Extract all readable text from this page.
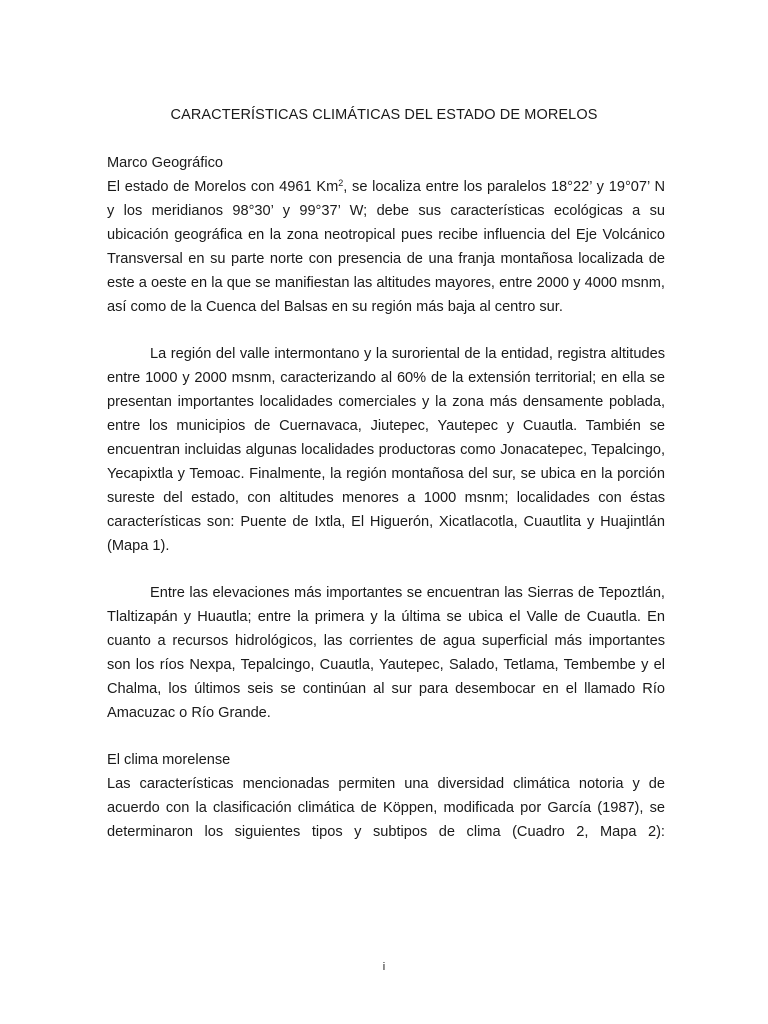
CARACTERÍSTICAS CLIMÁTICAS DEL ESTADO DE MORELOS
Marco Geográfico

El estado de Morelos con 4961 Km$^2$, se localiza entre los paralelos 18°22’ y 19°07’ N y los meridianos 98°30’ y 99°37’ W; debe sus características ecológicas a su ubicación geográfica en la zona neotropical pues recibe influencia del Eje Volcánico Transversal en su parte norte con presencia de una franja montañosa localizada de este a oeste en la que se manifiestan las altitudes mayores, entre 2000 y 4000 msnm, así como de la Cuenca del Balsas en su región más baja al centro sur.

La región del valle intermontano y la suroriental de la entidad, registra altitudes entre 1000 y 2000 msnm, caracterizando al 60% de la extensión territorial; en ella se presentan importantes localidades comerciales y la zona más densamente poblada, entre los municipios de Cuernavaca, Jiutepec, Yautepec y Cuautla. También se encuentran incluidas algunas localidades productoras como Jonacatepec, Tepalcingo, Yecapixtla y Temoac. Finalmente, la región montañosa del sur, se ubica en la porción sureste del estado, con altitudes menores a 1000 msnm; localidades con éstas características son: Puente de Ixtla, El Higuerón, Xicatlacotla, Cuautlita y Huajintlán (Mapa 1).

Entre las elevaciones más importantes se encuentran las Sierras de Tepoztlán, Tlaltizapán y Huautla; entre la primera y la última se ubica el Valle de Cuautla. En cuanto a recursos hidrológicos, las corrientes de agua superficial más importantes son los ríos Nexpa, Tepalcingo, Cuautla, Yautepec, Salado, Tetlama, Tembembe y el Chalma, los últimos seis se continúan al sur para desembocar en el llamado Río Amacuzac o Río Grande.

El clima morelense

Las características mencionadas permiten una diversidad climática notoria y de acuerdo con la clasificación climática de Köppen, modificada por García (1987), se determinaron los siguientes tipos y subtipos de clima (Cuadro 2, Mapa 2):

i
